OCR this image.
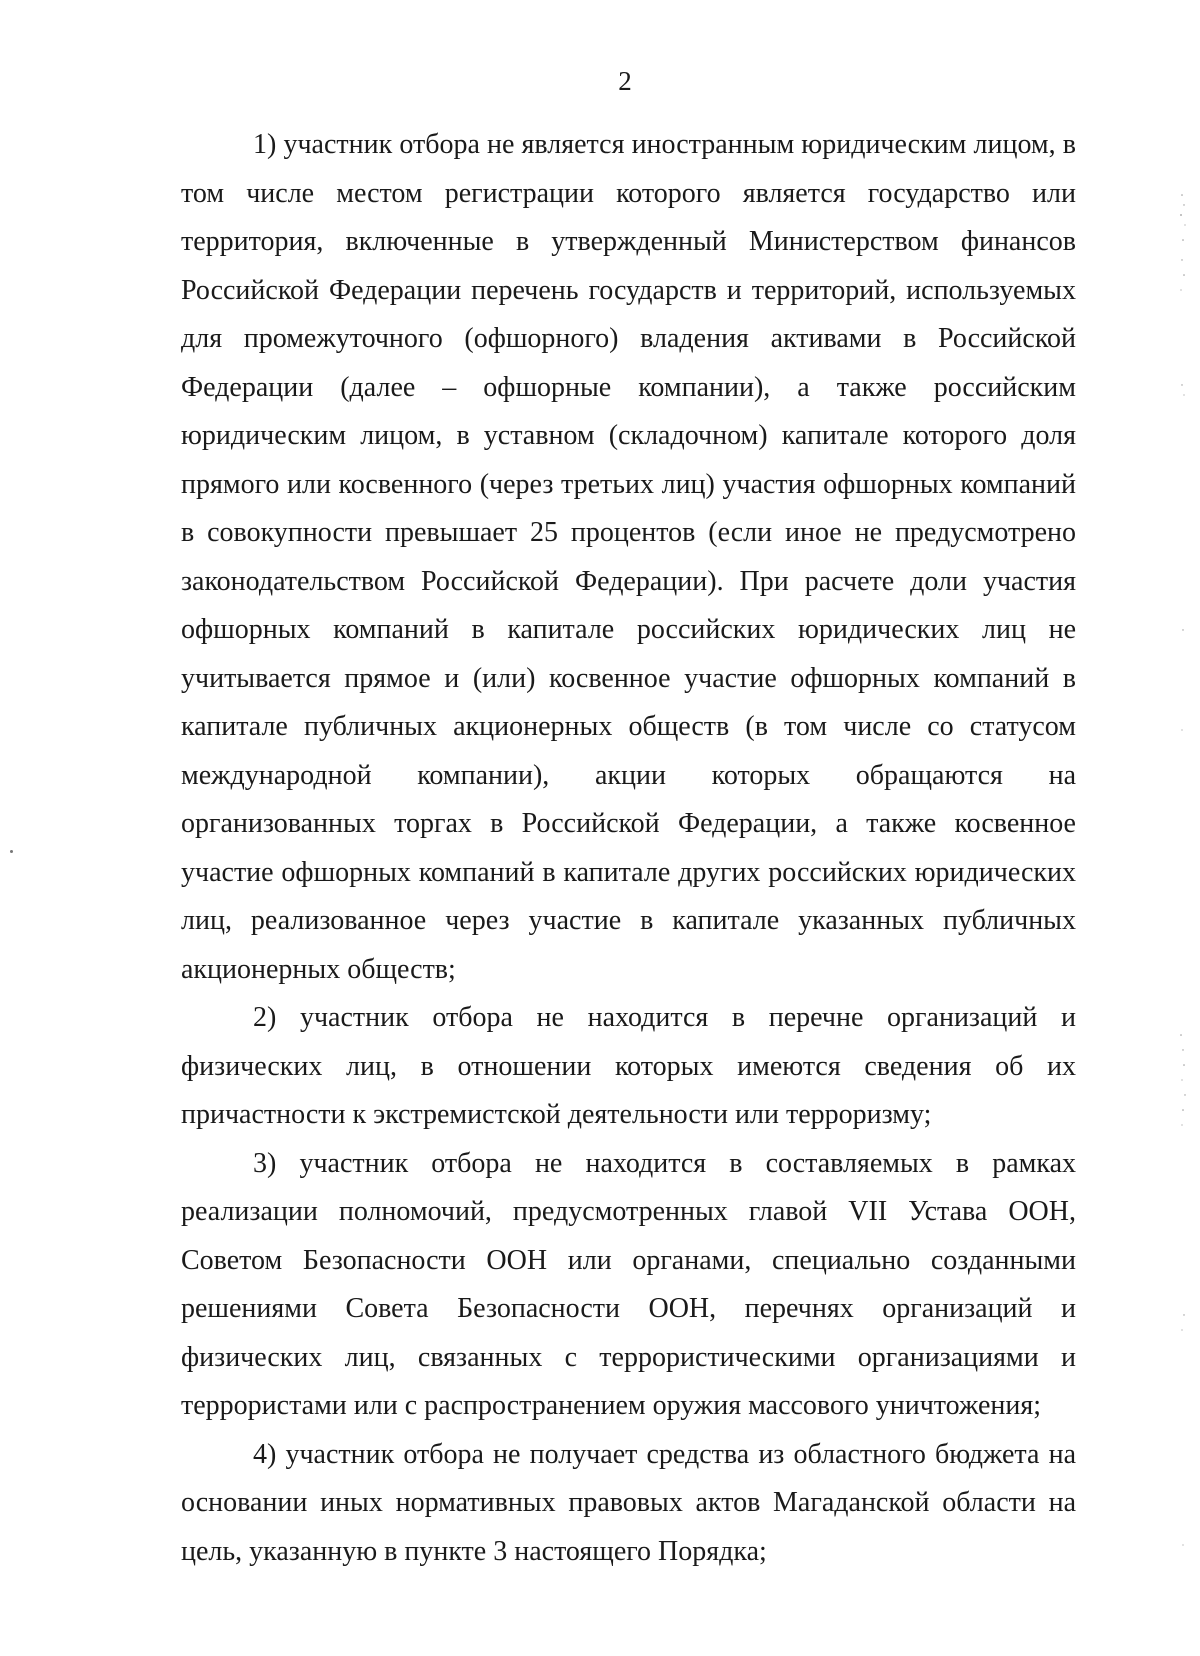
2

1) участник отбора не является иностранным юридическим лицом, в том числе местом регистрации которого является государство или территория, включенные в утвержденный Министерством финансов Российской Федерации перечень государств и территорий, используемых для промежуточного (офшорного) владения активами в Российской Федерации (далее – офшорные компании), а также российским юридическим лицом, в уставном (складочном) капитале которого доля прямого или косвенного (через третьих лиц) участия офшорных компаний в совокупности превышает 25 процентов (если иное не предусмотрено законодательством Российской Федерации). При расчете доли участия офшорных компаний в капитале российских юридических лиц не учитывается прямое и (или) косвенное участие офшорных компаний в капитале публичных акционерных обществ (в том числе со статусом международной компании), акции которых обращаются на организованных торгах в Российской Федерации, а также косвенное участие офшорных компаний в капитале других российских юридических лиц, реализованное через участие в капитале указанных публичных акционерных обществ;

2) участник отбора не находится в перечне организаций и физических лиц, в отношении которых имеются сведения об их причастности к экстремистской деятельности или терроризму;

3) участник отбора не находится в составляемых в рамках реализации полномочий, предусмотренных главой VII Устава ООН, Советом Безопасности ООН или органами, специально созданными решениями Совета Безопасности ООН, перечнях организаций и физических лиц, связанных с террористическими организациями и террористами или с распространением оружия массового уничтожения;

4) участник отбора не получает средства из областного бюджета на основании иных нормативных правовых актов Магаданской области на цель, указанную в пункте 3 настоящего Порядка;
